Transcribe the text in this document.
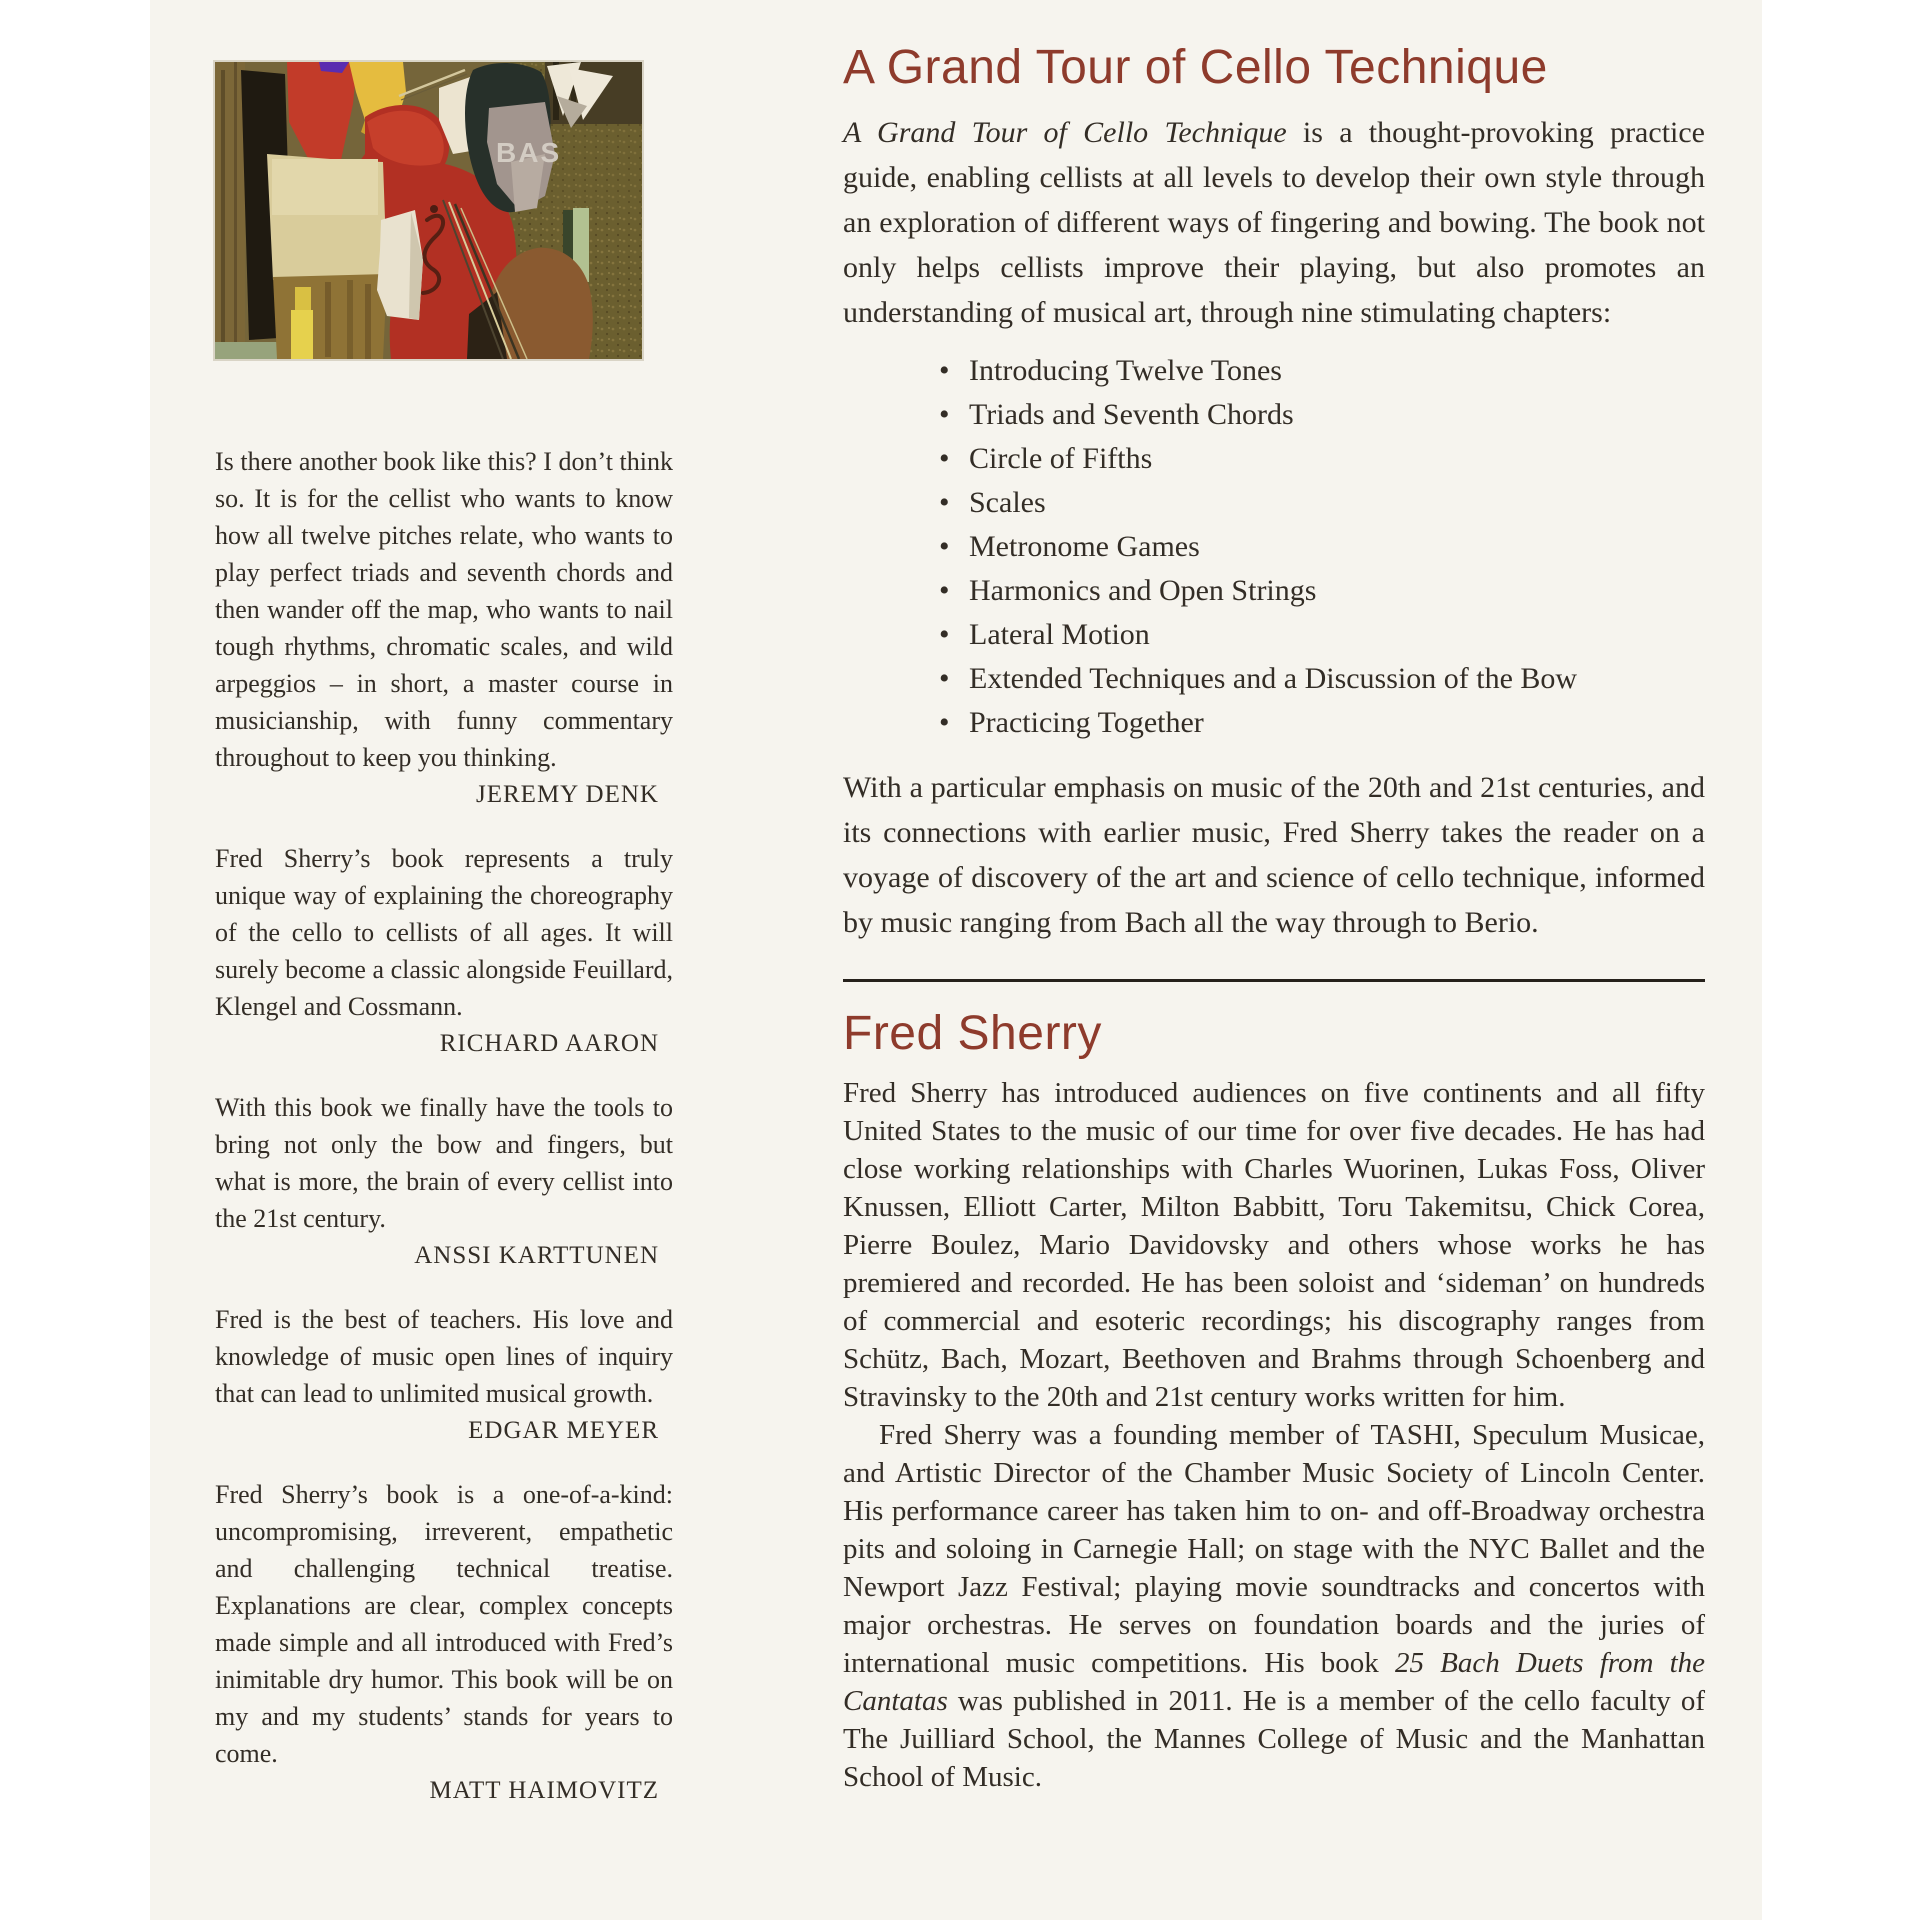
BAS

Is there another book like this? I don’t think so. It is for the cellist who wants to know how all twelve pitches relate, who wants to play perfect triads and seventh chords and then wander off the map, who wants to nail tough rhythms, chromatic scales, and wild arpeggios – in short, a master course in musicianship, with funny commentary throughout to keep you thinking.

JEREMY DENK

Fred Sherry’s book represents a truly unique way of explaining the choreography of the cello to cellists of all ages. It will surely become a classic alongside Feuillard, Klengel and Cossmann.

RICHARD AARON

With this book we finally have the tools to bring not only the bow and fingers, but what is more, the brain of every cellist into the 21st century.

ANSSI KARTTUNEN

Fred is the best of teachers. His love and knowledge of music open lines of inquiry that can lead to unlimited musical growth.

EDGAR MEYER

Fred Sherry’s book is a one-of-a-kind: uncompromising, irreverent, empathetic and challenging technical treatise. Explanations are clear, complex concepts made simple and all introduced with Fred’s inimitable dry humor. This book will be on my and my students’ stands for years to come.

MATT HAIMOVITZ

A Grand Tour of Cello Technique

A Grand Tour of Cello Technique is a thought-provoking practice guide, enabling cellists at all levels to develop their own style through an exploration of different ways of fingering and bowing. The book not only helps cellists improve their playing, but also promotes an understanding of musical art, through nine stimulating chapters:

• Introducing Twelve Tones
• Triads and Seventh Chords
• Circle of Fifths
• Scales
• Metronome Games
• Harmonics and Open Strings
• Lateral Motion
• Extended Techniques and a Discussion of the Bow
• Practicing Together

With a particular emphasis on music of the 20th and 21st centuries, and its connections with earlier music, Fred Sherry takes the reader on a voyage of discovery of the art and science of cello technique, informed by music ranging from Bach all the way through to Berio.

Fred Sherry

Fred Sherry has introduced audiences on five continents and all fifty United States to the music of our time for over five decades. He has had close working relationships with Charles Wuorinen, Lukas Foss, Oliver Knussen, Elliott Carter, Milton Babbitt, Toru Takemitsu, Chick Corea, Pierre Boulez, Mario Davidovsky and others whose works he has premiered and recorded. He has been soloist and ‘sideman’ on hundreds of commercial and esoteric recordings; his discography ranges from Schütz, Bach, Mozart, Beethoven and Brahms through Schoenberg and Stravinsky to the 20th and 21st century works written for him.

Fred Sherry was a founding member of TASHI, Speculum Musicae, and Artistic Director of the Chamber Music Society of Lincoln Center. His performance career has taken him to on- and off-Broadway orchestra pits and soloing in Carnegie Hall; on stage with the NYC Ballet and the Newport Jazz Festival; playing movie soundtracks and concertos with major orchestras. He serves on foundation boards and the juries of international music competitions. His book 25 Bach Duets from the Cantatas was published in 2011. He is a member of the cello faculty of The Juilliard School, the Mannes College of Music and the Manhattan School of Music.
